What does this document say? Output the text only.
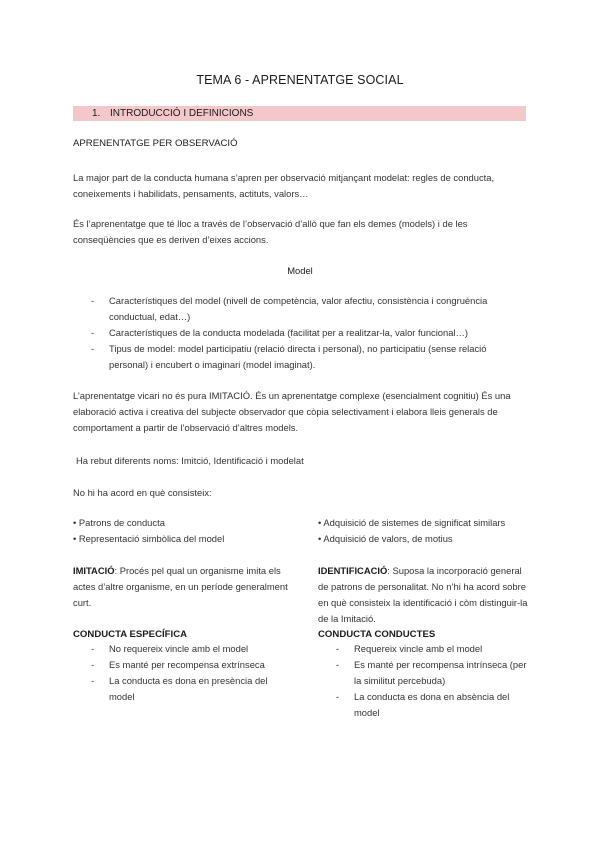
TEMA 6 - APRENENTATGE SOCIAL
1. INTRODUCCIÓ I DEFINICIONS
APRENENTATGE PER OBSERVACIÓ
La major part de la conducta humana s’apren per observació mitjançant modelat: regles de conducta, coneixements i habilidats, pensaments, actituts, valors…
És l’aprenentatge que té lloc a través de l’observació d’allò que fan els demes (models) i de les conseqüències que es deriven d’eixes accions.
Model
- Característiques del model (nivell de competència, valor afectiu, consistència i congruència conductual, edat…)
- Característiques de la conducta modelada (facilitat per a realitzar-la, valor funcional…)
- Tipus de model: model participatiu (relació directa i personal), no participatiu (sense relació personal) i encubert o imaginari (model imaginat).
L’aprenentatge vicari no és pura IMITACIÓ. És un aprenentatge complexe (esencialment cognitiu) És una elaboració activa i creativa del subjecte observador que còpia selectivament i elabora lleis generals de comportament a partir de l’observació d’altres models.
Ha rebut diferents noms: Imitció, Identificació i modelat
No hi ha acord en què consisteix:
• Patrons de conducta
• Representació simbòlica del model
• Adquisició de sistemes de significat similars
• Adquisició de valors, de motius
IMITACIÓ: Procés pel qual un organisme imita els actes d’altre organisme, en un període generalment curt.
IDENTIFICACIÓ: Suposa la incorporació general de patrons de personalitat. No n’hi ha acord sobre en què consisteix la identificació i còm distinguir-la de la Imitació.
CONDUCTA ESPECÍFICA
- No requereix vincle amb el model
- Es manté per recompensa extrínseca
- La conducta es dona en presència del model
CONDUCTA CONDUCTES
- Requereix vincle amb el model
- Es manté per recompensa intrínseca (per la similitut percebuda)
- La conducta es dona en absència del model
